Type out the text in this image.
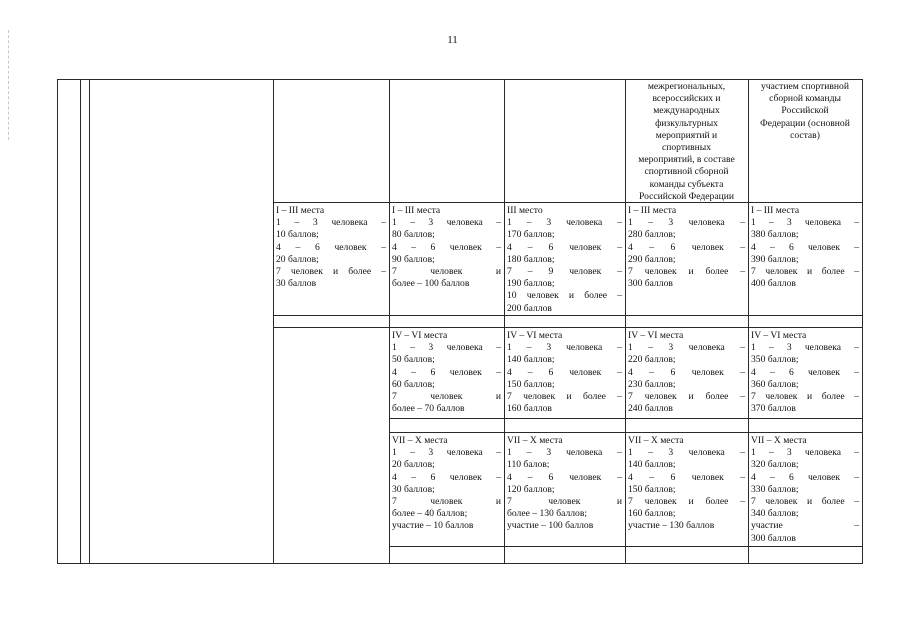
11
межрегиональных,
всероссийских и
международных
физкультурных
мероприятий и
спортивных
мероприятий, в составе
спортивной сборной
команды субъекта
Российской Федерации
участием спортивной
сборной команды
Российской
Федерации (основной
состав)
I – III места
1 – 3 человека –
10 баллов;
4 – 6 человек –
20 баллов;
7 человек и более –
30 баллов
I – III места
1 – 3 человека –
80 баллов;
4 – 6 человек –
90 баллов;
7 человек и
более – 100 баллов
III место
1 – 3 человека –
170 баллов;
4 – 6 человек –
180 баллов;
7 – 9 человек –
190 баллов;
10 человек и более –
200 баллов
I – III места
1 – 3 человека –
280 баллов;
4 – 6 человек –
290 баллов;
7 человек и более –
300 баллов
I – III места
1 – 3 человека –
380 баллов;
4 – 6 человек –
390 баллов;
7 человек и более –
400 баллов
IV – VI места
1 – 3 человека –
50 баллов;
4 – 6 человек –
60 баллов;
7 человек и
более – 70 баллов
IV – VI места
1 – 3 человека –
140 баллов;
4 – 6 человек –
150 баллов;
7 человек и более –
160 баллов
IV – VI места
1 – 3 человека –
220 баллов;
4 – 6 человек –
230 баллов;
7 человек и более –
240 баллов
IV – VI места
1 – 3 человека –
350 баллов;
4 – 6 человек –
360 баллов;
7 человек и более –
370 баллов
VII – X места
1 – 3 человека –
20 баллов;
4 – 6 человек –
30 баллов;
7 человек и
более – 40 баллов;
участие – 10 баллов
VII – X места
1 – 3 человека –
110 балов;
4 – 6 человек –
120 баллов;
7 человек и
более – 130 баллов;
участие – 100 баллов
VII – X места
1 – 3 человека –
140 баллов;
4 – 6 человек –
150 баллов;
7 человек и более –
160 баллов;
участие – 130 баллов
VII – X места
1 – 3 человека –
320 баллов;
4 – 6 человек –
330 баллов;
7 человек и более –
340 баллов;
участие –
300 баллов
